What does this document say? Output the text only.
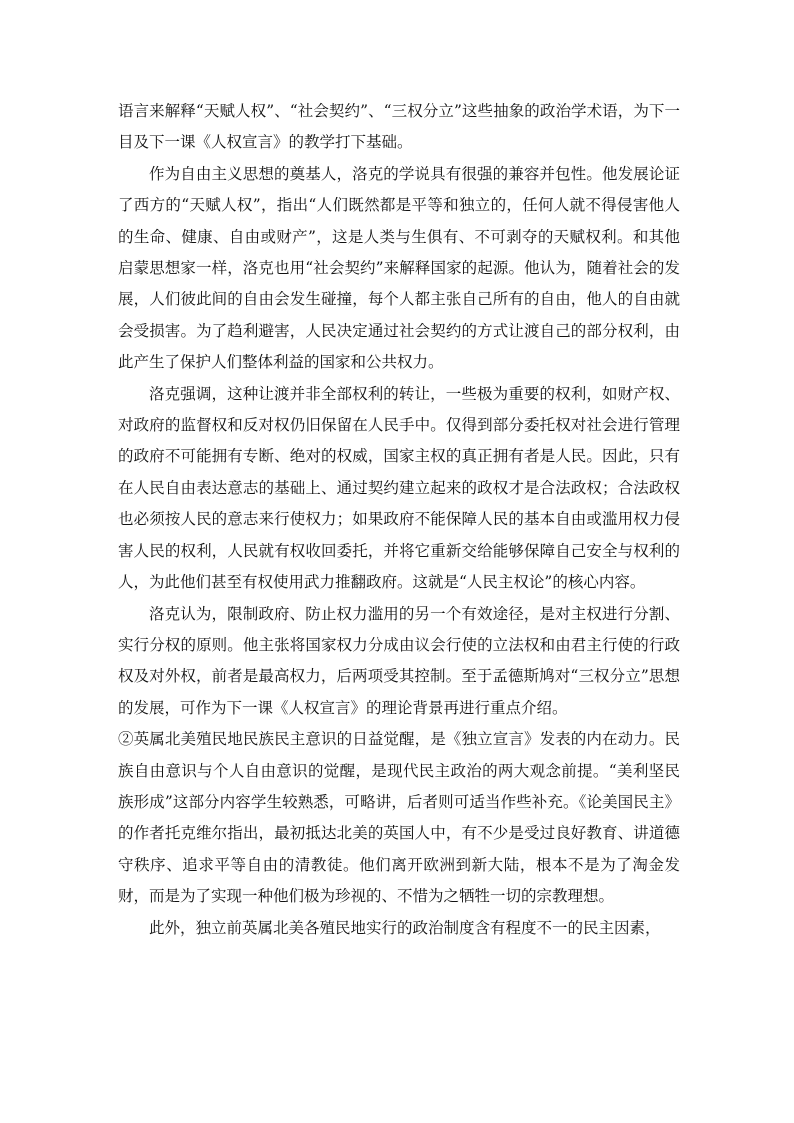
语言来解释“天赋人权”、“社会契约”、“三权分立”这些抽象的政治学术语，为下一目及下一课《人权宣言》的教学打下基础。

作为自由主义思想的奠基人，洛克的学说具有很强的兼容并包性。他发展论证了西方的“天赋人权”，指出“人们既然都是平等和独立的，任何人就不得侵害他人的生命、健康、自由或财产”，这是人类与生俱有、不可剥夺的天赋权利。和其他启蒙思想家一样，洛克也用“社会契约”来解释国家的起源。他认为，随着社会的发展，人们彼此间的自由会发生碰撞，每个人都主张自己所有的自由，他人的自由就会受损害。为了趋利避害，人民决定通过社会契约的方式让渡自己的部分权利，由此产生了保护人们整体利益的国家和公共权力。

洛克强调，这种让渡并非全部权利的转让，一些极为重要的权利，如财产权、对政府的监督权和反对权仍旧保留在人民手中。仅得到部分委托权对社会进行管理的政府不可能拥有专断、绝对的权威，国家主权的真正拥有者是人民。因此，只有在人民自由表达意志的基础上、通过契约建立起来的政权才是合法政权；合法政权也必须按人民的意志来行使权力；如果政府不能保障人民的基本自由或滥用权力侵害人民的权利，人民就有权收回委托，并将它重新交给能够保障自己安全与权利的人，为此他们甚至有权使用武力推翻政府。这就是“人民主权论”的核心内容。

洛克认为，限制政府、防止权力滥用的另一个有效途径，是对主权进行分割、实行分权的原则。他主张将国家权力分成由议会行使的立法权和由君主行使的行政权及对外权，前者是最高权力，后两项受其控制。至于孟德斯鸠对“三权分立”思想的发展，可作为下一课《人权宣言》的理论背景再进行重点介绍。

②英属北美殖民地民族民主意识的日益觉醒，是《独立宣言》发表的内在动力。民族自由意识与个人自由意识的觉醒，是现代民主政治的两大观念前提。“美利坚民族形成”这部分内容学生较熟悉，可略讲，后者则可适当作些补充。《论美国民主》的作者托克维尔指出，最初抵达北美的英国人中，有不少是受过良好教育、讲道德守秩序、追求平等自由的清教徒。他们离开欧洲到新大陆，根本不是为了淘金发财，而是为了实现一种他们极为珍视的、不惜为之牺牲一切的宗教理想。

此外，独立前英属北美各殖民地实行的政治制度含有程度不一的民主因素，
